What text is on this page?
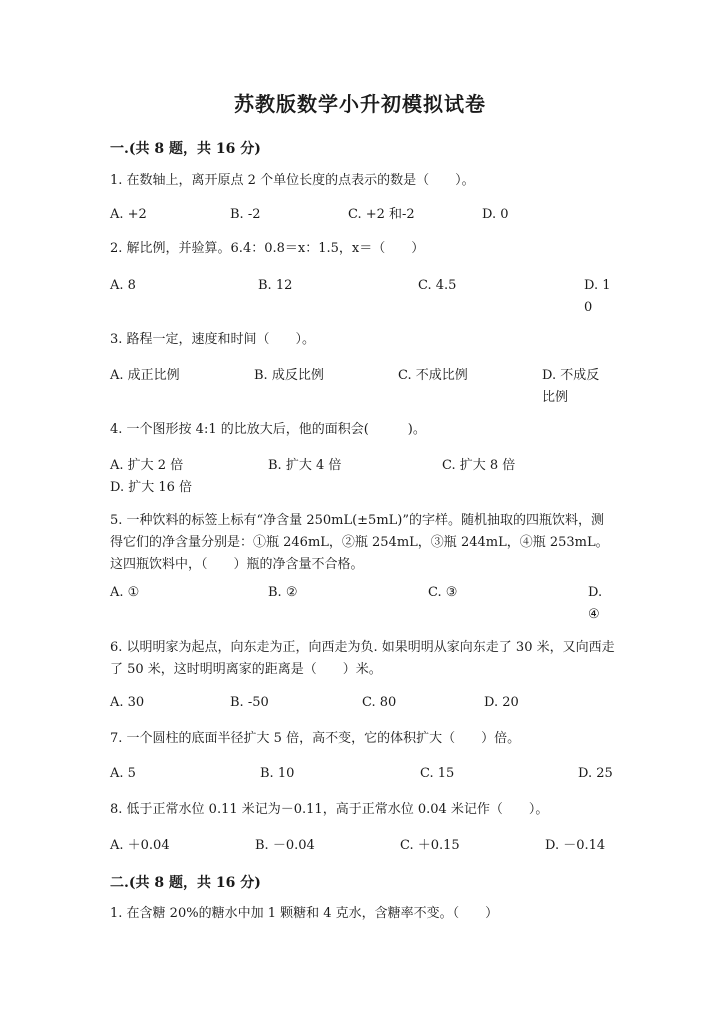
苏教版数学小升初模拟试卷
一.(共 8 题，共 16 分)
1. 在数轴上，离开原点 2 个单位长度的点表示的数是（　　）。
A. +2	B. -2	C. +2 和-2	D. 0
2. 解比例，并验算。6.4：0.8＝x：1.5，x＝（　　）
A. 8	B. 12	C. 4.5	D. 10
3. 路程一定，速度和时间（　　）。
A. 成正比例	B. 成反比例	C. 不成比例	D. 不成反比例
4. 一个图形按 4:1 的比放大后，他的面积会(　　　)。
A. 扩大 2 倍	B. 扩大 4 倍	C. 扩大 8 倍
D. 扩大 16 倍
5. 一种饮料的标签上标有“净含量 250mL(±5mL)”的字样。随机抽取的四瓶饮料，测得它们的净含量分别是：①瓶 246mL，②瓶 254mL，③瓶 244mL，④瓶 253mL。这四瓶饮料中，（　　）瓶的净含量不合格。
A. ①	B. ②	C. ③	D. ④
6. 以明明家为起点，向东走为正，向西走为负. 如果明明从家向东走了 30 米，又向西走了 50 米，这时明明离家的距离是（　　）米。
A. 30	B. -50	C. 80	D. 20
7. 一个圆柱的底面半径扩大 5 倍，高不变，它的体积扩大（　　）倍。
A. 5	B. 10	C. 15	D. 25
8. 低于正常水位 0.11 米记为－0.11，高于正常水位 0.04 米记作（　　）。
A. ＋0.04	B. －0.04	C. ＋0.15	D. －0.14
二.(共 8 题，共 16 分)
1. 在含糖 20%的糖水中加 1 颗糖和 4 克水，含糖率不变。（　　）
